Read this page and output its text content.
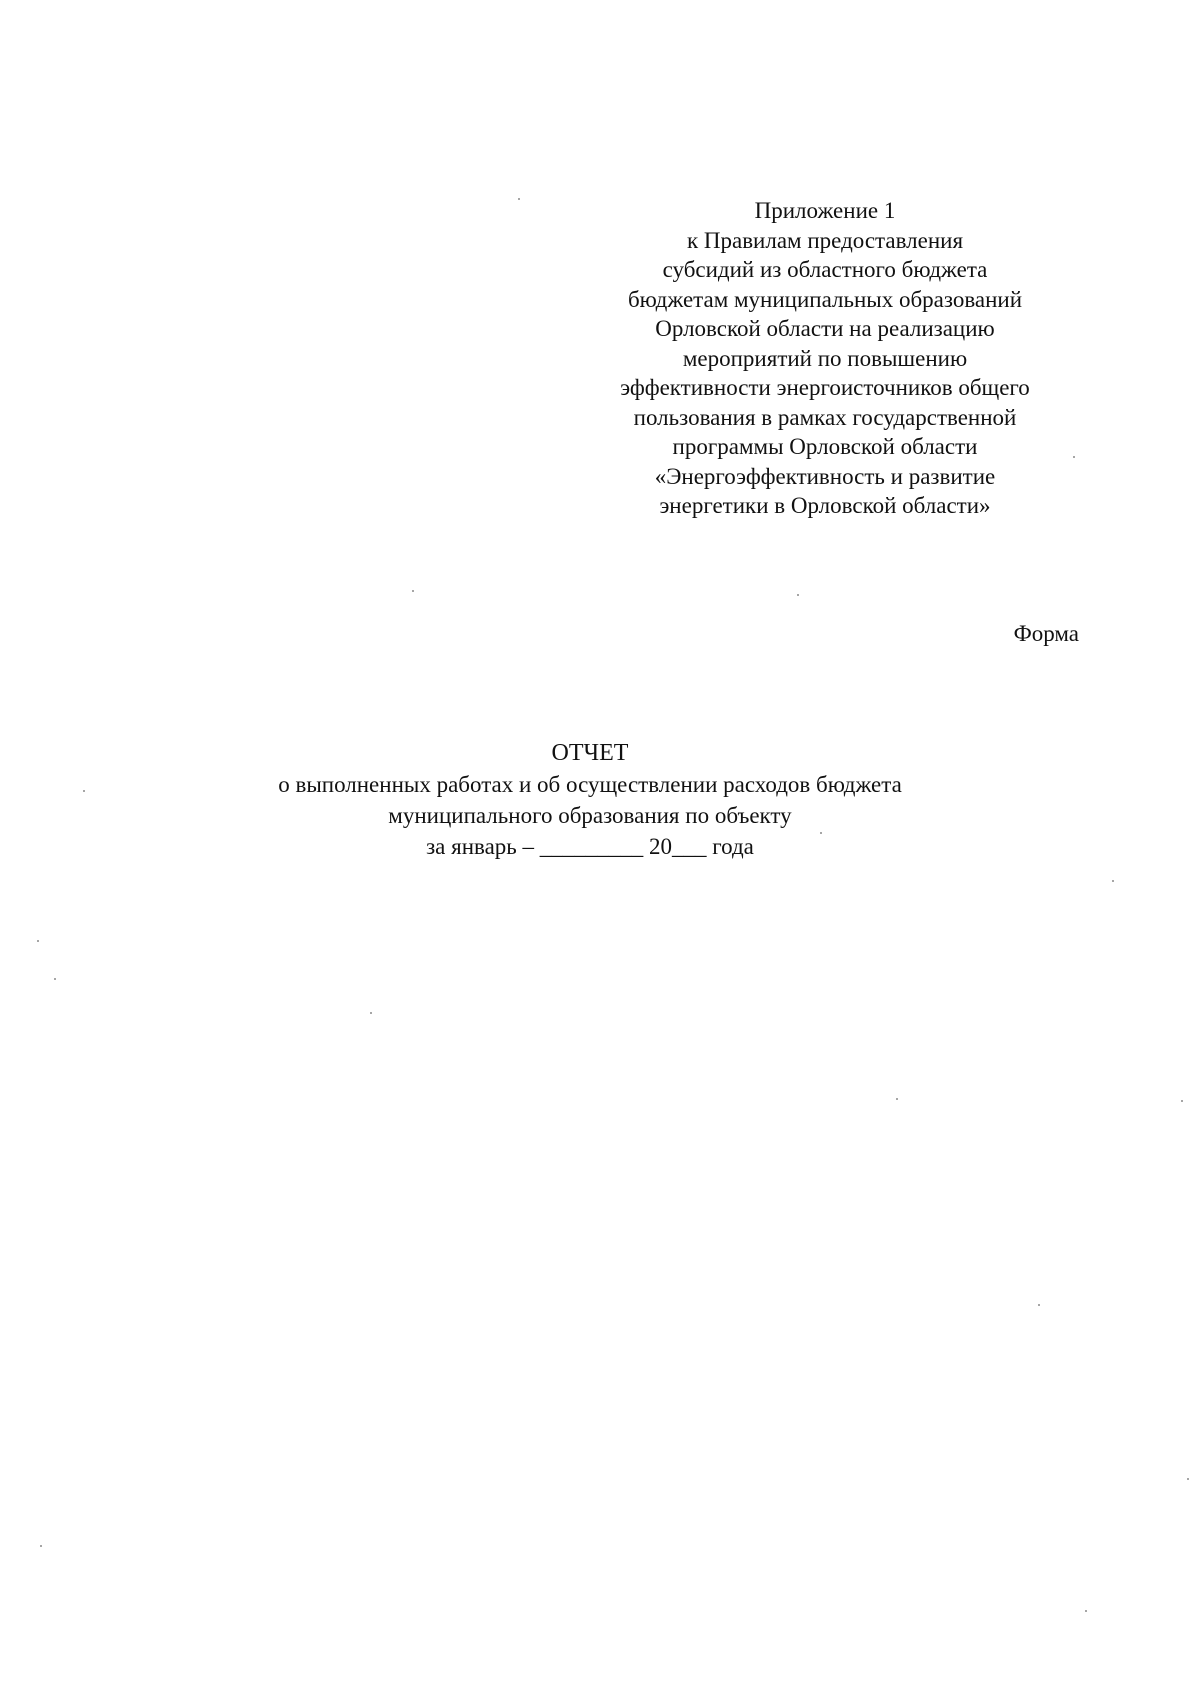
Приложение 1
к Правилам предоставления
субсидий из областного бюджета
бюджетам муниципальных образований
Орловской области на реализацию
мероприятий по повышению
эффективности энергоисточников общего
пользования в рамках государственной
программы Орловской области
«Энергоэффективность и развитие
энергетики в Орловской области»
Форма
ОТЧЕТ
о выполненных работах и об осуществлении расходов бюджета
муниципального образования по объекту
за январь – _________ 20___ года
